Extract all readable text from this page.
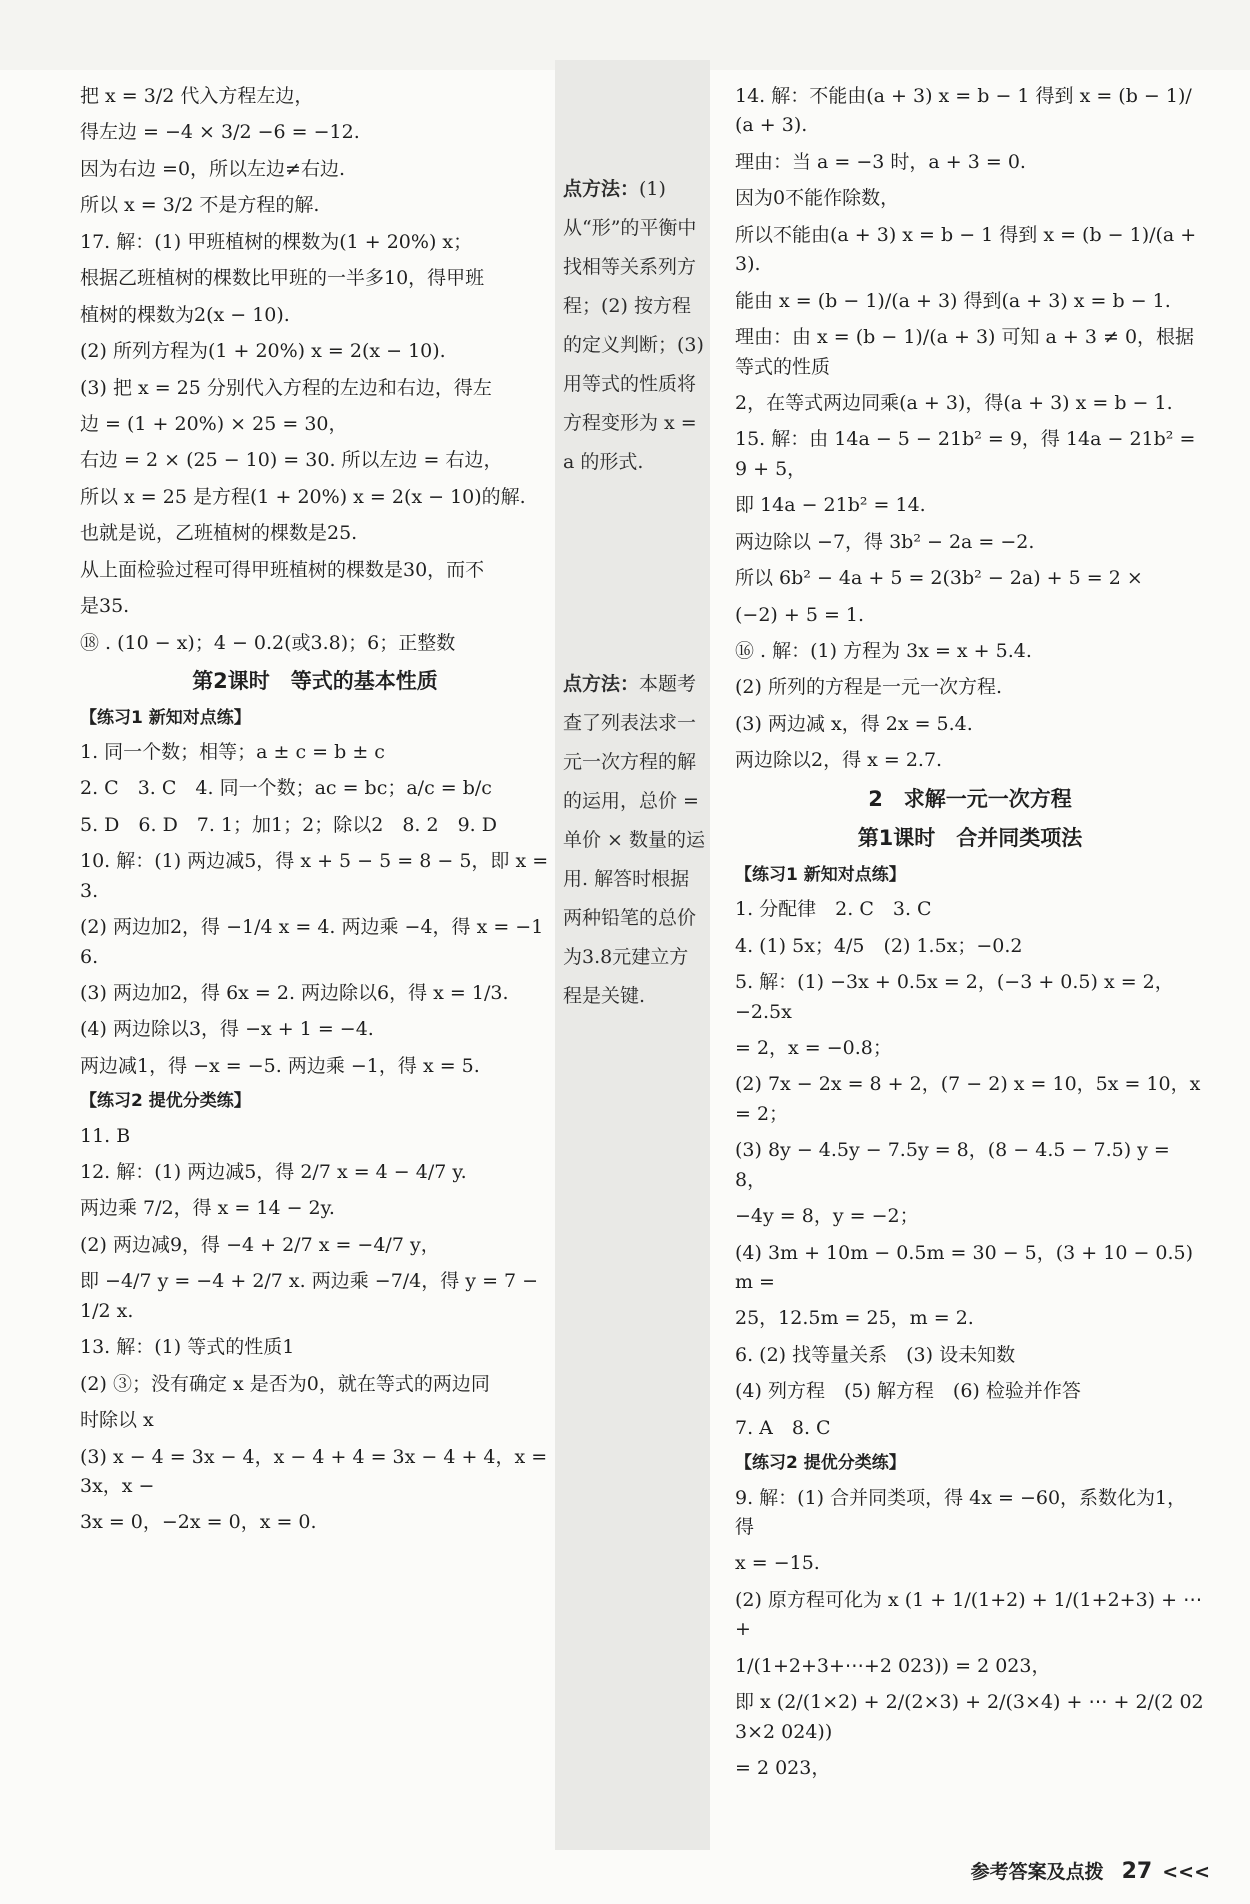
把 x = 3/2 代入方程左边，
得左边 = −4 × 3/2 −6 = −12.
因为右边 =0，所以左边≠右边.
所以 x = 3/2 不是方程的解.
17. 解：(1) 甲班植树的棵数为(1 + 20%) x；
根据乙班植树的棵数比甲班的一半多10，得甲班
植树的棵数为2(x − 10).
(2) 所列方程为(1 + 20%) x = 2(x − 10).
(3) 把 x = 25 分别代入方程的左边和右边，得左
边 = (1 + 20%) × 25 = 30，
右边 = 2 × (25 − 10) = 30. 所以左边 = 右边，
所以 x = 25 是方程(1 + 20%) x = 2(x − 10)的解.
也就是说，乙班植树的棵数是25.
从上面检验过程可得甲班植树的棵数是30，而不
是35.
⑱ . (10 − x)；4 − 0.2(或3.8)；6；正整数
第2课时　等式的基本性质
【练习1 新知对点练】
1. 同一个数；相等；a ± c = b ± c
2. C　3. C　4. 同一个数；ac = bc；a/c = b/c
5. D　6. D　7. 1；加1；2；除以2　8. 2　9. D
10. 解：(1) 两边减5，得 x + 5 − 5 = 8 − 5，即 x = 3.
(2) 两边加2，得 −1/4 x = 4. 两边乘 −4，得 x = −16.
(3) 两边加2，得 6x = 2. 两边除以6，得 x = 1/3.
(4) 两边除以3，得 −x + 1 = −4.
两边减1，得 −x = −5. 两边乘 −1，得 x = 5.
【练习2 提优分类练】
11. B
12. 解：(1) 两边减5，得 2/7 x = 4 − 4/7 y.
两边乘 7/2，得 x = 14 − 2y.
(2) 两边减9，得 −4 + 2/7 x = −4/7 y，
即 −4/7 y = −4 + 2/7 x. 两边乘 −7/4，得 y = 7 − 1/2 x.
13. 解：(1) 等式的性质1
(2) ③；没有确定 x 是否为0，就在等式的两边同
时除以 x
(3) x − 4 = 3x − 4，x − 4 + 4 = 3x − 4 + 4，x = 3x，x −
3x = 0，−2x = 0，x = 0.
点方法：(1) 从“形”的平衡中找相等关系列方程；(2) 按方程的定义判断；(3) 用等式的性质将方程变形为 x = a 的形式.
点方法：本题考查了列表法求一元一次方程的解的运用，总价 = 单价 × 数量的运用. 解答时根据两种铅笔的总价为3.8元建立方程是关键.
14. 解：不能由(a + 3) x = b − 1 得到 x = (b − 1)/(a + 3).
理由：当 a = −3 时，a + 3 = 0.
因为0不能作除数，
所以不能由(a + 3) x = b − 1 得到 x = (b − 1)/(a + 3).
能由 x = (b − 1)/(a + 3) 得到(a + 3) x = b − 1.
理由：由 x = (b − 1)/(a + 3) 可知 a + 3 ≠ 0，根据等式的性质
2，在等式两边同乘(a + 3)，得(a + 3) x = b − 1.
15. 解：由 14a − 5 − 21b² = 9，得 14a − 21b² = 9 + 5，
即 14a − 21b² = 14.
两边除以 −7，得 3b² − 2a = −2.
所以 6b² − 4a + 5 = 2(3b² − 2a) + 5 = 2 ×
(−2) + 5 = 1.
⑯ . 解：(1) 方程为 3x = x + 5.4.
(2) 所列的方程是一元一次方程.
(3) 两边减 x，得 2x = 5.4.
两边除以2，得 x = 2.7.
2　求解一元一次方程
第1课时　合并同类项法
【练习1 新知对点练】
1. 分配律　2. C　3. C
4. (1) 5x；4/5　(2) 1.5x；−0.2
5. 解：(1) −3x + 0.5x = 2，(−3 + 0.5) x = 2，−2.5x
= 2，x = −0.8；
(2) 7x − 2x = 8 + 2，(7 − 2) x = 10，5x = 10，x = 2；
(3) 8y − 4.5y − 7.5y = 8，(8 − 4.5 − 7.5) y = 8，
−4y = 8，y = −2；
(4) 3m + 10m − 0.5m = 30 − 5，(3 + 10 − 0.5) m =
25，12.5m = 25，m = 2.
6. (2) 找等量关系　(3) 设未知数
(4) 列方程　(5) 解方程　(6) 检验并作答
7. A　8. C
【练习2 提优分类练】
9. 解：(1) 合并同类项，得 4x = −60，系数化为1，得
x = −15.
(2) 原方程可化为 x (1 + 1/(1+2) + 1/(1+2+3) + ⋯ +
1/(1+2+3+⋯+2 023)) = 2 023，
即 x (2/(1×2) + 2/(2×3) + 2/(3×4) + ⋯ + 2/(2 023×2 024))
= 2 023，
参考答案及点拨 27 <<<
